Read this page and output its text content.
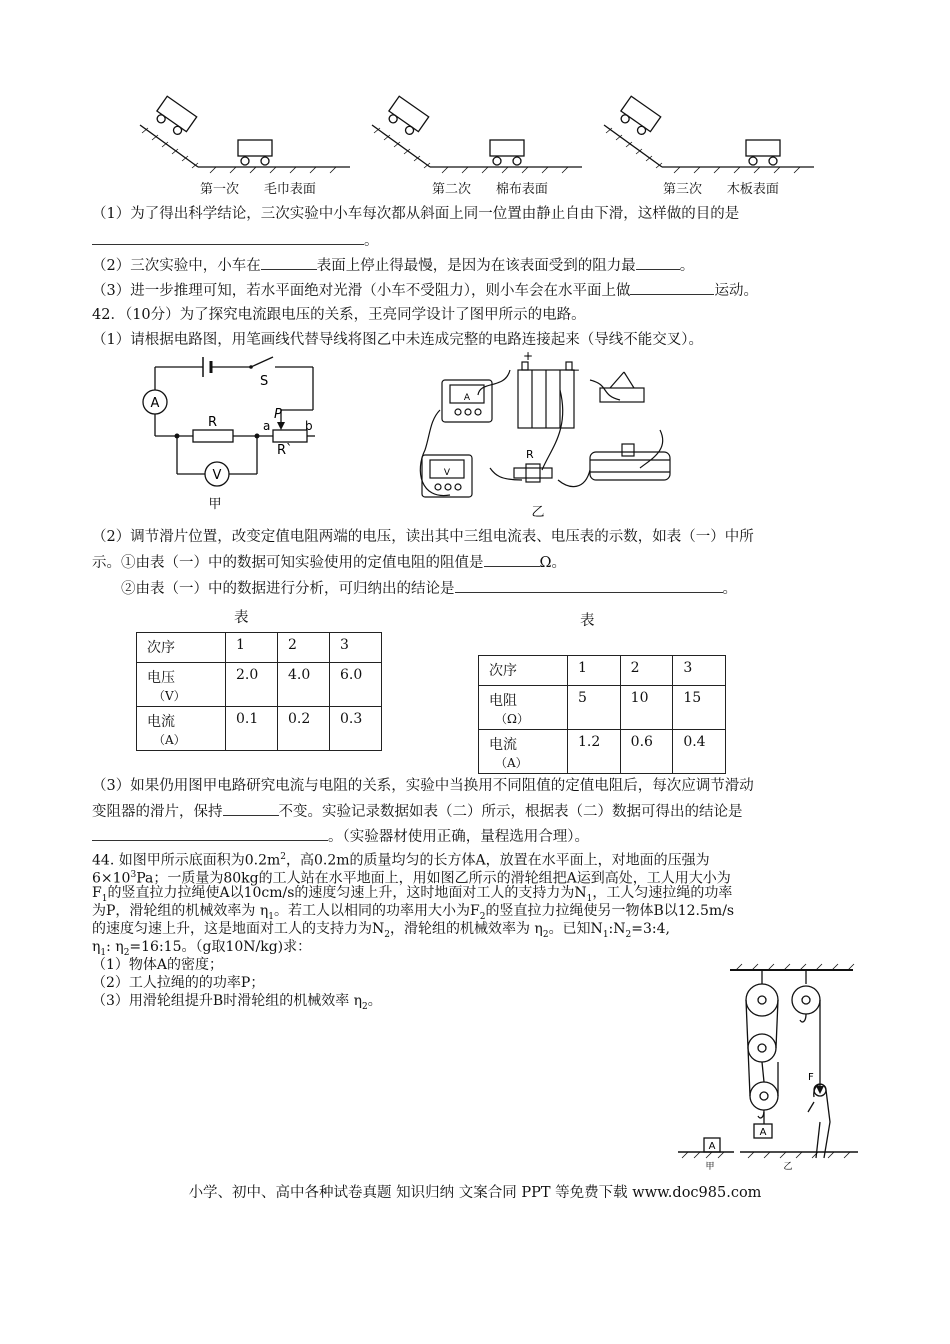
第一次 毛巾表面	第二次 棉布表面	第三次 木板表面
（1）为了得出科学结论，三次实验中小车每次都从斜面上同一位置由静止自由下滑，这样做的目的是
。
（2）三次实验中，小车在	表面上停止得最慢，是因为在该表面受到的阻力最	。
（3）进一步推理可知，若水平面绝对光滑（小车不受阻力），则小车会在水平面上做	运动。
42．（10分）为了探究电流跟电压的关系，王亮同学设计了图甲所示的电路。
（1）请根据电路图，用笔画线代替导线将图乙中未连成完整的电路连接起来（导线不能交叉）。
A
V
S
R
R`
P
a	b
甲
+
−
A
V
R
乙
（2）调节滑片位置，改变定值电阻两端的电压，读出其中三组电流表、电压表的示数，如表（一）中所
示。①由表（一）中的数据可知实验使用的定值电阻的阻值是	Ω。
②由表（一）中的数据进行分析，可归纳出的结论是	。
表
次序	1	2	3
电压
（V）	2.0	4.0	6.0
电流
（A）	0.1	0.2	0.3
表
次序	1	2	3
电阻
（Ω）	5	10	15
电流
（A）	1.2	0.6	0.4
（3）如果仍用图甲电路研究电流与电阻的关系，实验中当换用不同阻值的定值电阻后，每次应调节滑动
变阻器的滑片，保持	不变。实验记录数据如表（二）所示，根据表（二）数据可得出的结论是
。（实验器材使用正确，量程选用合理）。
44. 如图甲所示底面积为$0.2m^2$，高0.2m的质量均匀的长方体A，放置在水平面上，对地面的压强为
$6\times 10^3Pa$；一质量为80kg的工人站在水平地面上，用如图乙所示的滑轮组把A运到高处，工人用大小为
$F_1$的竖直拉力拉绳使A以10cm/s的速度匀速上升，这时地面对工人的支持力为$N_1$，工人匀速拉绳的功率
为P，滑轮组的机械效率为 $\eta_1$。若工人以相同的功率用大小为$F_2$的竖直拉力拉绳使另一物体B以12.5m/s
的速度匀速上升，这是地面对工人的支持力为$N_2$，滑轮组的机械效率为 $\eta_2$。已知$N_1:N_2=3:4$,
$\eta_1$: $\eta_2=16:15$。（g取10N/kg)求：
（1）物体A的密度；
（2）工人拉绳的的功率P；
（3）用滑轮组提升B时滑轮组的机械效率 $\eta_2$。
A
A
F
甲	乙
小学、初中、高中各种试卷真题 知识归纳 文案合同 PPT 等免费下载 www.doc985.com
